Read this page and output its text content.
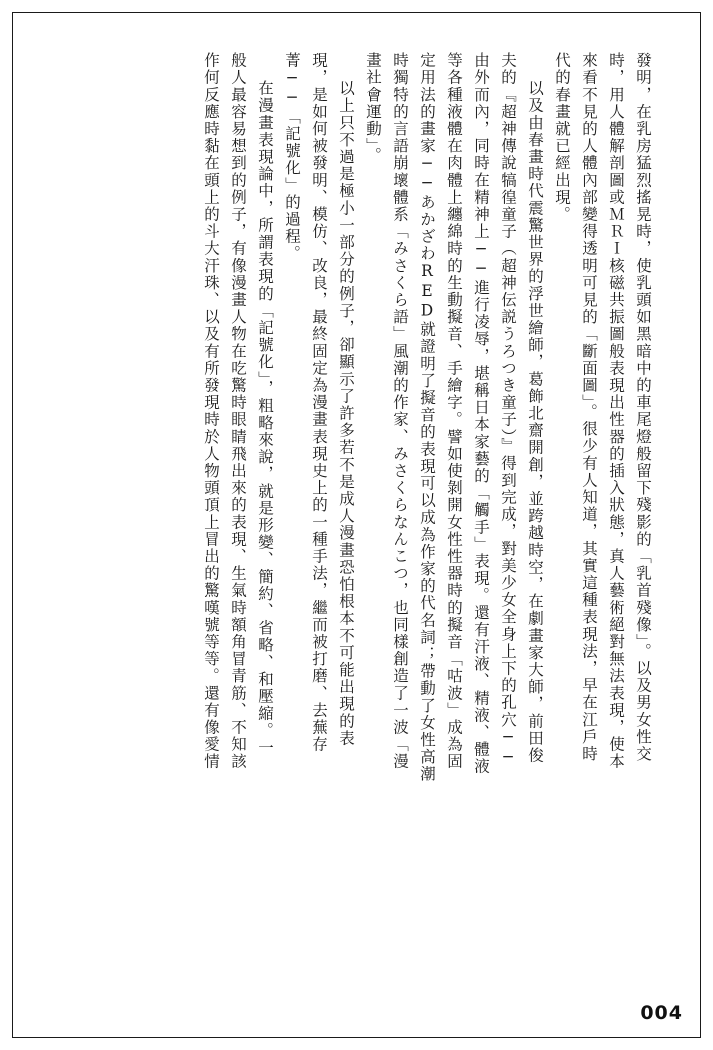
發明，在乳房猛烈搖晃時，使乳頭如黑暗中的車尾燈般留下殘影的「乳首殘像」。以及男女性交
時，用人體解剖圖或ＭＲＩ核磁共振圖般表現出性器的插入狀態，真人藝術絕對無法表現，使本
來看不見的人體內部變得透明可見的「斷面圖」。很少有人知道，其實這種表現法，早在江戶時
代的春畫就已經出現。
以及由春畫時代震驚世界的浮世繪師，葛飾北齋開創，並跨越時空，在劇畫家大師，前田俊
夫的『超神傳說犒徨童子（超神伝説うろつき童子）』得到完成，對美少女全身上下的孔穴──
由外而內，同時在精神上──進行凌辱，堪稱日本家藝的「觸手」表現。還有汗液、精液、體液
等各種液體在肉體上纏綿時的生動擬音、手繪字。譬如使剝開女性性器時的擬音「咕波」成為固
定用法的畫家──あかざわRED就證明了擬音的表現可以成為作家的代名詞；帶動了女性高潮
時獨特的言語崩壞體系「みさくら語」風潮的作家、みさくらなんこつ，也同樣創造了一波「漫
畫社會運動」。
以上只不過是極小一部分的例子，卻顯示了許多若不是成人漫畫恐怕根本不可能出現的表
現，是如何被發明、模仿、改良，最終固定為漫畫表現史上的一種手法，繼而被打磨、去蕪存
菁──「記號化」的過程。
在漫畫表現論中，所謂表現的「記號化」，粗略來說，就是形變、簡約、省略、和壓縮。一
般人最容易想到的例子，有像漫畫人物在吃驚時眼睛飛出來的表現、生氣時額角冒青筋、不知該
作何反應時黏在頭上的斗大汗珠、以及有所發現時於人物頭頂上冒出的驚嘆號等等。還有像愛情
004
